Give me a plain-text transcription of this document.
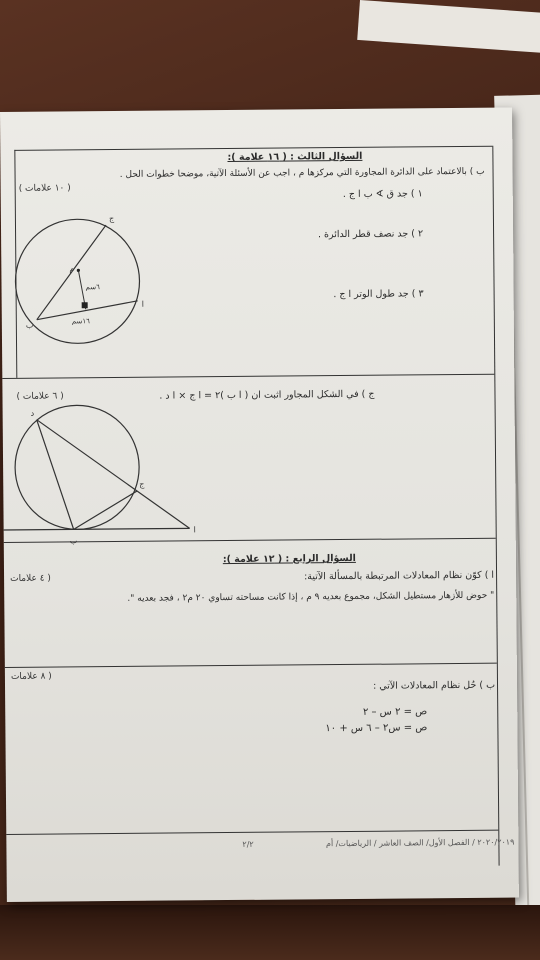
السؤال الثالث : ( ١٦ علامة ):
ب ) بالاعتماد على الدائرة المجاورة التي مركزها م ، اجب عن الأسئلة الآتية، موضحا خطوات الحل .
( ١٠ علامات )	١ ) جد ق ∢ ب ا ج .
٢ ) جد نصف قطر الدائرة .
٣ ) جد طول الوتر ا ج .
م
ا
ب
ج
٦سم
١٦سم
ج ) في الشكل المجاور اثبت ان ( ا ب )٢ = ا ج × ا د .
( ٦ علامات )
د
ب
ج
ا
السؤال الرابع : ( ١٢ علامة ):
ا ) كوّن نظام المعادلات المرتبطة بالمسألة الآتية:
( ٤ علامات
" حوض للأزهار مستطيل الشكل، مجموع بعديه ٩ م ، إذا كانت مساحته تساوي ٢٠ م٢ ، فجد بعديه ".
( ٨ علامات
ب ) حُل نظام المعادلات الآتي :
ص = ٢ س – ٢
ص = س٢ – ٦ س + ١٠
٢٠٢٠/٢٠١٩ / الفصل الأول/ الصف العاشر / الرياضيات/ أم
٢/٢
